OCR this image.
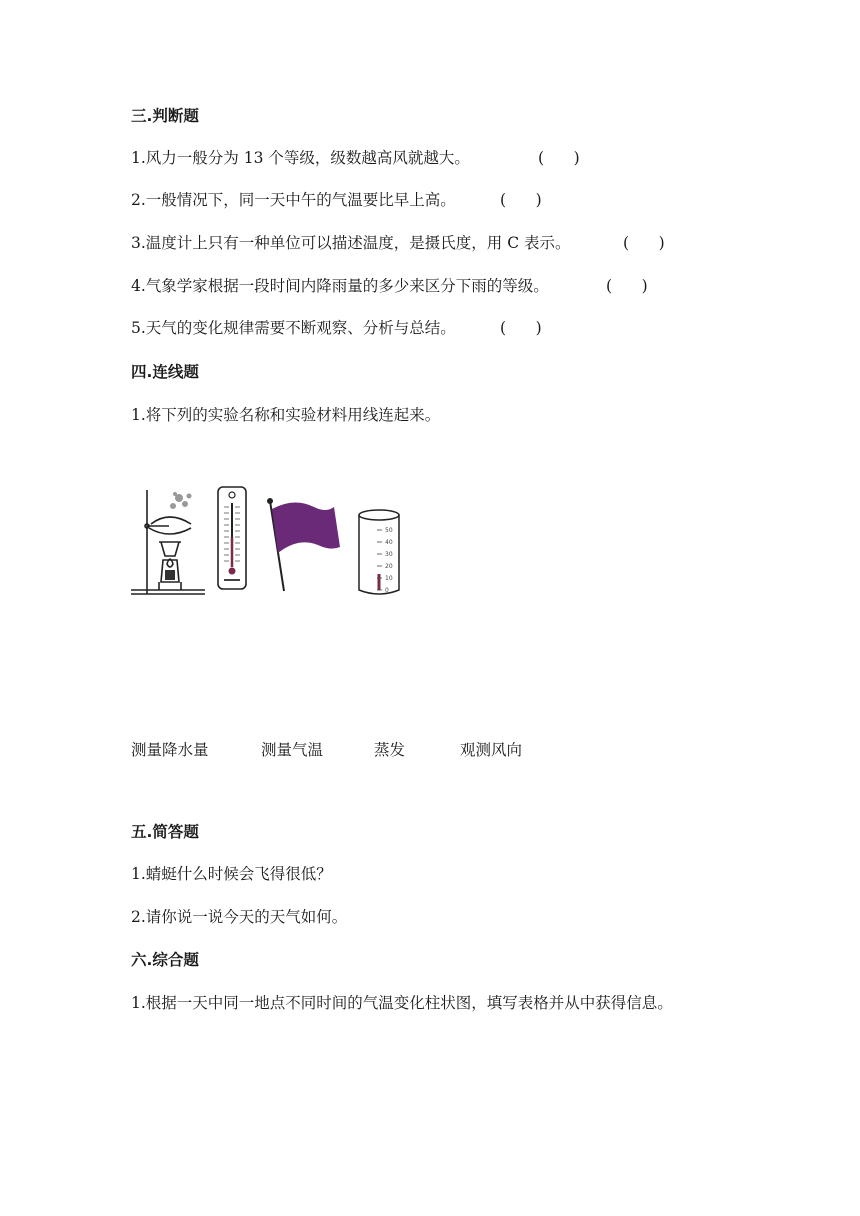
三.判断题
1.风力一般分为 13 个等级，级数越高风就越大。	(      )
2.一般情况下，同一天中午的气温要比早上高。	(      )
3.温度计上只有一种单位可以描述温度，是摄氏度，用 C 表示。	(      )
4.气象学家根据一段时间内降雨量的多少来区分下雨的等级。	(      )
5.天气的变化规律需要不断观察、分析与总结。	(      )
四.连线题
1.将下列的实验名称和实验材料用线连起来。
50
40
30
20
10
0
测量降水量	测量气温	蒸发	观测风向
五.简答题
1.蜻蜓什么时候会飞得很低？
2.请你说一说今天的天气如何。
六.综合题
1.根据一天中同一地点不同时间的气温变化柱状图，填写表格并从中获得信息。
